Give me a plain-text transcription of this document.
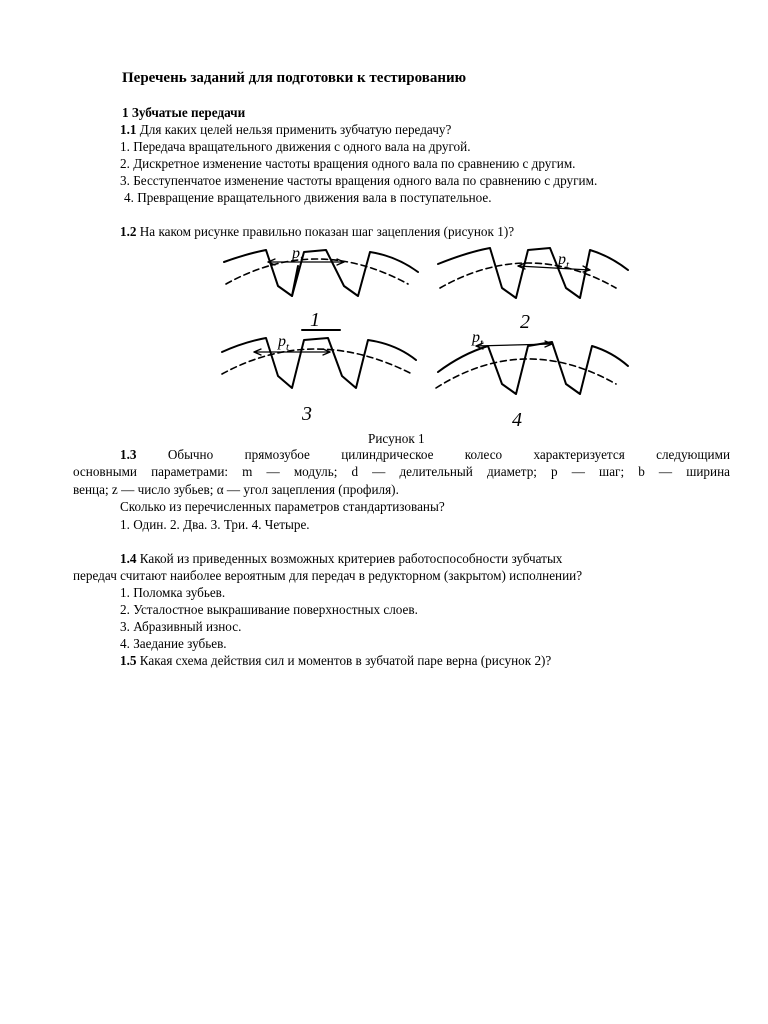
Перечень заданий для подготовки к тестированию
1 Зубчатые передачи
1.1 Для каких целей нельзя применить зубчатую передачу?
1. Передача вращательного движения с одного вала на другой.
2. Дискретное изменение частоты вращения одного вала по сравнению с другим.
3. Бесступенчатое изменение частоты вращения одного вала по сравнению с другим.
4. Превращение вращательного движения вала в поступательное.
1.2 На каком рисунке правильно показан шаг зацепления (рисунок 1)?
$p_t$
1
$p_t$
2
$p_t$
3
$p_t$
4
Рисунок 1
1.3 Обычно прямозубое цилиндрическое колесо характеризуется следующими
основными параметрами: m — модуль; d — делительный диаметр; p — шаг; b — ширина
венца; z — число зубьев; α — угол зацепления (профиля).
Сколько из перечисленных параметров стандартизованы?
1. Один. 2. Два. 3. Три. 4. Четыре.
1.4 Какой из приведенных возможных критериев работоспособности зубчатых
передач считают наиболее вероятным для передач в редукторном (закрытом) исполнении?
1. Поломка зубьев.
2. Усталостное выкрашивание поверхностных слоев.
3. Абразивный износ.
4. Заедание зубьев.
1.5 Какая схема действия сил и моментов в зубчатой паре верна (рисунок 2)?
